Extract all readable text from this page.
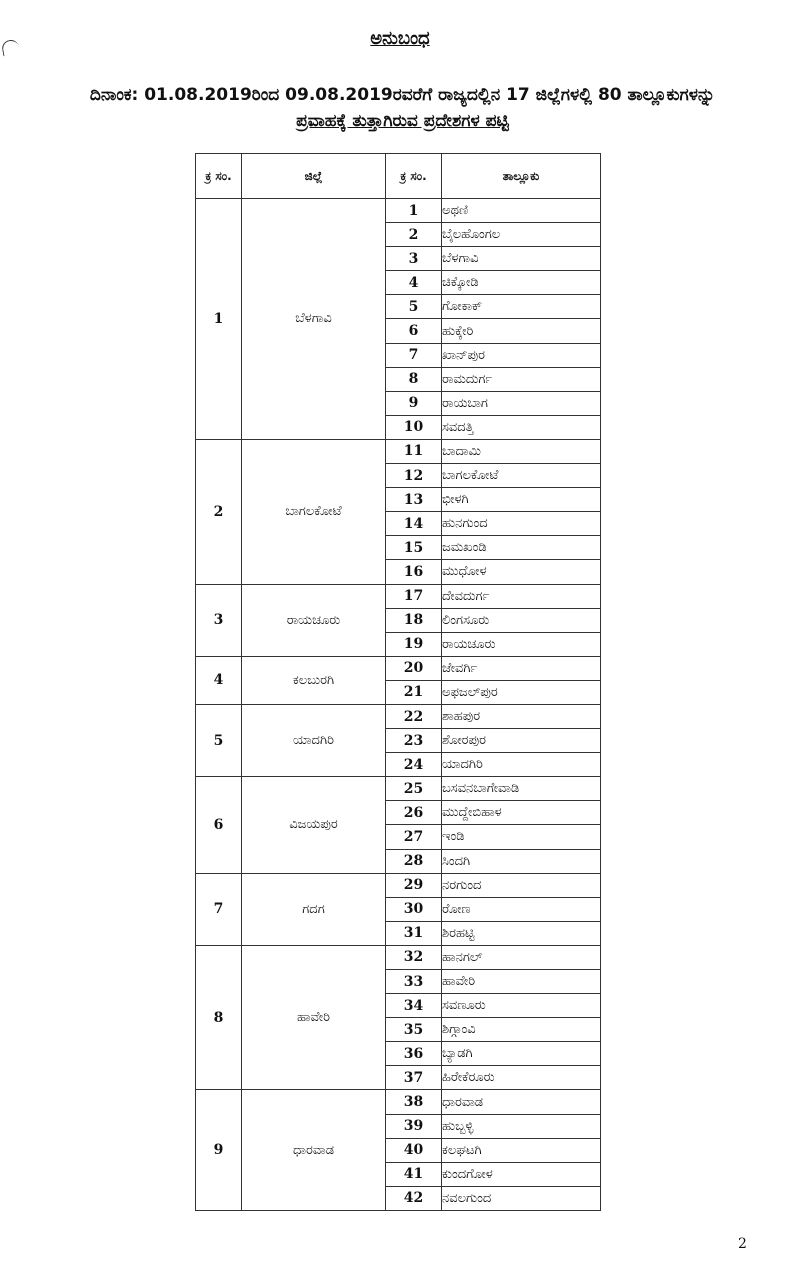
ಅನುಬಂಧ
ದಿನಾಂಕ: 01.08.2019ರಿಂದ 09.08.2019ರವರೆಗೆ ರಾಜ್ಯದಲ್ಲಿನ 17 ಜಿಲ್ಲೆಗಳಲ್ಲಿ 80 ತಾಲ್ಲೂಕುಗಳನ್ನು
ಪ್ರವಾಹಕ್ಕೆ ತುತ್ತಾಗಿರುವ ಪ್ರದೇಶಗಳ ಪಟ್ಟಿ
ಕ್ರ ಸಂ.	ಜಿಲ್ಲೆ	ಕ್ರ ಸಂ.	ತಾಲ್ಲೂಕು
1	ಬೆಳಗಾವಿ	1	ಅಥಣಿ
		2	ಬೈಲಹೊಂಗಲ
		3	ಬೆಳಗಾವಿ
		4	ಚಿಕ್ಕೋಡಿ
		5	ಗೋಕಾಕ್
		6	ಹುಕ್ಕೇರಿ
		7	ಖಾನ್‌ಪುರ
		8	ರಾಮದುರ್ಗ
		9	ರಾಯಬಾಗ
		10	ಸವದತ್ತಿ
2	ಬಾಗಲಕೋಟೆ	11	ಬಾದಾಮಿ
		12	ಬಾಗಲಕೋಟೆ
		13	ಭೀಳಗಿ
		14	ಹುನಗುಂದ
		15	ಜಮಖಂಡಿ
		16	ಮುಧೋಳ
3	ರಾಯಚೂರು	17	ದೇವದುರ್ಗ
		18	ಲಿಂಗಸೂರು
		19	ರಾಯಚೂರು
4	ಕಲಬುರಗಿ	20	ಜೇವರ್ಗಿ
		21	ಅಫಜಲ್‌ಪುರ
5	ಯಾದಗಿರಿ	22	ಶಾಹಪುರ
		23	ಶೋರಪುರ
		24	ಯಾದಗಿರಿ
6	ವಿಜಯಪುರ	25	ಬಸವನಬಾಗೇವಾಡಿ
		26	ಮುದ್ದೇಬಿಹಾಳ
		27	ಇಂಡಿ
		28	ಸಿಂದಗಿ
7	ಗದಗ	29	ನರಗುಂದ
		30	ರೋಣ
		31	ಶಿರಹಟ್ಟಿ
8	ಹಾವೇರಿ	32	ಹಾನಗಲ್
		33	ಹಾವೇರಿ
		34	ಸವಣೂರು
		35	ಶಿಗ್ಗಾಂವಿ
		36	ಬ್ಯಾಡಗಿ
		37	ಹಿರೇಕೆರೂರು
9	ಧಾರವಾಡ	38	ಧಾರವಾಡ
		39	ಹುಬ್ಬಳ್ಳಿ
		40	ಕಲಘಟಗಿ
		41	ಕುಂದಗೋಳ
		42	ನವಲಗುಂದ
2
